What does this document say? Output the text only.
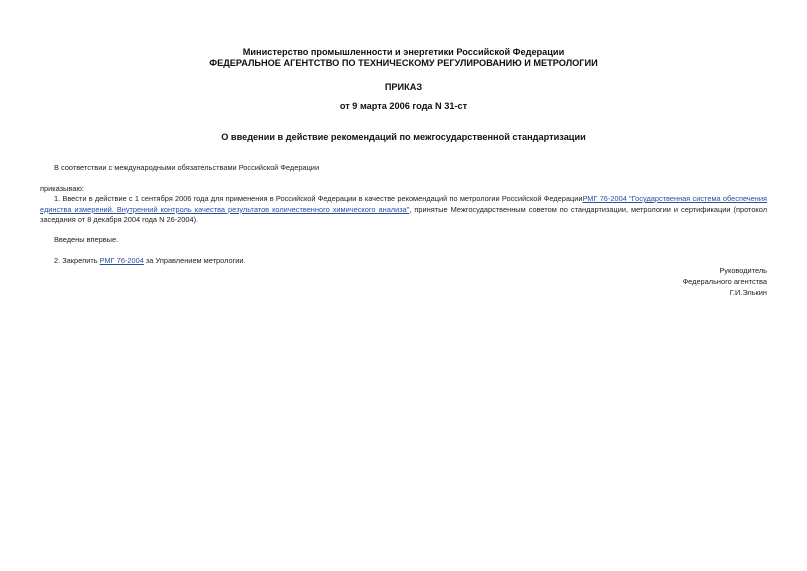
Министерство промышленности и энергетики Российской Федерации
ФЕДЕРАЛЬНОЕ АГЕНТСТВО ПО ТЕХНИЧЕСКОМУ РЕГУЛИРОВАНИЮ И МЕТРОЛОГИИ
ПРИКАЗ
от 9 марта 2006 года N 31-ст
О введении в действие рекомендаций по межгосударственной стандартизации
В соответствии с международными обязательствами Российской Федерации
приказываю:
1. Ввести в действие с 1 сентября 2006 года для применения в Российской Федерации в качестве рекомендаций по метрологии Российской ФедерацииРМГ 76-2004 "Государственная система обеспечения единства измерений. Внутренний контроль качества результатов количественного химического анализа", принятые Межгосударственным советом по стандартизации, метрологии и сертификации (протокол заседания от 8 декабря 2004 года N 26-2004).
Введены впервые.
2. Закрепить РМГ 76-2004 за Управлением метрологии.
Руководитель
Федерального агентства
Г.И.Элькин
